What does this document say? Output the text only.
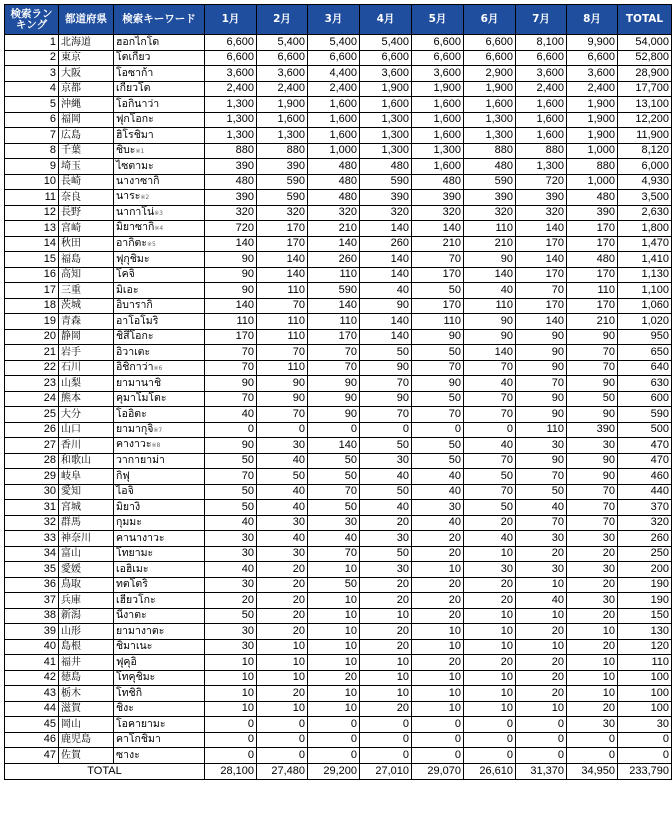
検索ランキング	都道府県	検索キーワード	1月	2月	3月	4月	5月	6月	7月	8月	TOTAL
1	北海道	ฮอกไกโด	6,600	5,400	5,400	5,400	6,600	6,600	8,100	9,900	54,000
2	東京	โตเกียว	6,600	6,600	6,600	6,600	6,600	6,600	6,600	6,600	52,800
3	大阪	โอซาก้า	3,600	3,600	4,400	3,600	3,600	2,900	3,600	3,600	28,900
4	京都	เกียวโต	2,400	2,400	2,400	1,900	1,900	1,900	2,400	2,400	17,700
5	沖縄	โอกินาว่า	1,300	1,900	1,600	1,600	1,600	1,600	1,600	1,900	13,100
6	福岡	ฟุกโอกะ	1,300	1,600	1,600	1,300	1,600	1,300	1,600	1,900	12,200
7	広島	ฮิโรชิมา	1,300	1,300	1,600	1,300	1,600	1,300	1,600	1,900	11,900
8	千葉	ชิบะ※1	880	880	1,000	1,300	1,300	880	880	1,000	8,120
9	埼玉	ไซตามะ	390	390	480	480	1,600	480	1,300	880	6,000
10	長崎	นางาซากิ	480	590	480	590	480	590	720	1,000	4,930
11	奈良	นาระ※2	390	590	480	390	390	390	390	480	3,500
12	長野	นากาโน่※3	320	320	320	320	320	320	320	390	2,630
13	宮崎	มิยาซากิ※4	720	170	210	140	140	110	140	170	1,800
14	秋田	อากิตะ※5	140	170	140	260	210	210	170	170	1,470
15	福島	ฟุกุชิมะ	90	140	260	140	70	90	140	480	1,410
16	高知	โคจิ	90	140	110	140	170	140	170	170	1,130
17	三重	มิเอะ	90	110	590	40	50	40	70	110	1,100
18	茨城	อิบารากิ	140	70	140	90	170	110	170	170	1,060
19	青森	อาโอโมริ	110	110	110	140	110	90	140	210	1,020
20	静岡	ชิสึโอกะ	170	110	170	140	90	90	90	90	950
21	岩手	อิวาเตะ	70	70	70	50	50	140	90	70	650
22	石川	อิชิกาว่า※6	70	110	70	90	70	70	90	70	640
23	山梨	ยามานาชิ	90	90	90	70	90	40	70	90	630
24	熊本	คุมาโมโตะ	70	90	90	90	50	70	90	50	600
25	大分	โออิตะ	40	70	90	70	70	70	90	90	590
26	山口	ยามากุจิ※7	0	0	0	0	0	0	110	390	500
27	香川	คางาวะ※8	90	30	140	50	50	40	30	30	470
28	和歌山	วากายาม่า	50	40	50	30	50	70	90	90	470
29	岐阜	กิฟุ	70	50	50	40	40	50	70	90	460
30	愛知	ไอจิ	50	40	70	50	40	70	50	70	440
31	宮城	มิยางิ	50	40	50	40	30	50	40	70	370
32	群馬	กุมมะ	40	30	30	20	40	20	70	70	320
33	神奈川	คานางาวะ	30	40	40	30	20	40	30	30	260
34	富山	โทยามะ	30	30	70	50	20	10	20	20	250
35	愛媛	เอฮิเมะ	40	20	10	30	10	30	30	30	200
36	鳥取	ทตโตริ	30	20	50	20	20	20	10	20	190
37	兵庫	เฮียวโกะ	20	20	10	20	20	20	40	30	190
38	新潟	นีงาตะ	50	20	10	10	20	10	10	20	150
39	山形	ยามางาตะ	30	20	10	20	10	10	20	10	130
40	島根	ชิมาเนะ	30	10	10	20	10	10	10	20	120
41	福井	ฟุคุอิ	10	10	10	10	20	20	20	10	110
42	徳島	โทคุชิมะ	10	10	20	10	10	10	20	10	100
43	栃木	โทชิกิ	10	20	10	10	10	10	20	10	100
44	滋賀	ชิงะ	10	10	10	20	10	10	10	20	100
45	岡山	โอคายามะ	0	0	0	0	0	0	0	30	30
46	鹿児島	คาโกชิมา	0	0	0	0	0	0	0	0	0
47	佐賀	ซางะ	0	0	0	0	0	0	0	0	0
TOTAL			28,100	27,480	29,200	27,010	29,070	26,610	31,370	34,950	233,790
